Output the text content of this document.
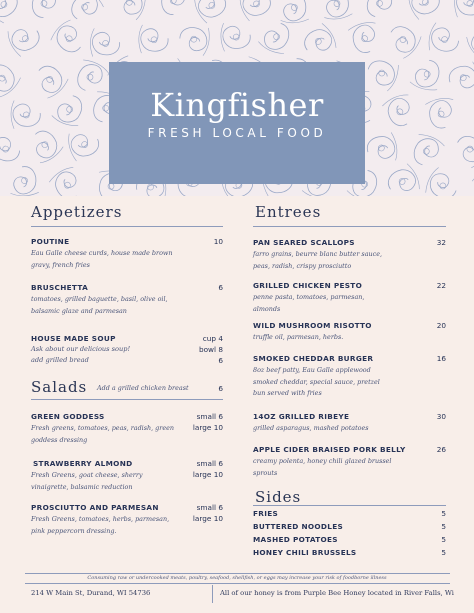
Kingfisher
FRESH LOCAL FOOD
Appetizers
POUTINE	10
Eau Galle cheese curds, house made brown
gravy, french fries
BRUSCHETTA	6
tomatoes, grilled baguette, basil, olive oil,
balsamic glaze and parmesan
HOUSE MADE SOUP	cup 4
Ask about our delicious soup!	bowl 8
add grilled bread	6
Salads Add a grilled chicken breast	6
GREEN GODDESS	small 6
large 10
Fresh greens, tomatoes, peas, radish, green
goddess dressing
STRAWBERRY ALMOND	small 6
large 10
Fresh Greens, goat cheese, sherry
vinaigrette, balsamic reduction
PROSCIUTTO AND PARMESAN	small 6
large 10
Fresh Greens, tomatoes, herbs, parmesan,
pink peppercorn dressing.
Entrees
PAN SEARED SCALLOPS	32
farro grains, beurre blanc butter sauce,
peas, radish, crispy prosciutto
GRILLED CHICKEN PESTO	22
penne pasta, tomatoes, parmesan,
almonds
WILD MUSHROOM RISOTTO	20
truffle oil, parmesan, herbs.
SMOKED CHEDDAR BURGER	16
8oz beef patty, Eau Galle applewood
smoked cheddar, special sauce, pretzel
bun served with fries
14OZ GRILLED RIBEYE	30
grilled asparagus, mashed potatoes
APPLE CIDER BRAISED PORK BELLY	26
creamy polenta, honey chili glazed brussel
sprouts
Sides
FRIES	5
BUTTERED NOODLES	5
MASHED POTATOES	5
HONEY CHILI BRUSSELS	5
Consuming raw or undercooked meats, poultry, seafood, shellfish, or eggs may increase your risk of foodborne illness
214 W Main St, Durand, WI 54736	All of our honey is from Purple Bee Honey located in River Falls, Wi
